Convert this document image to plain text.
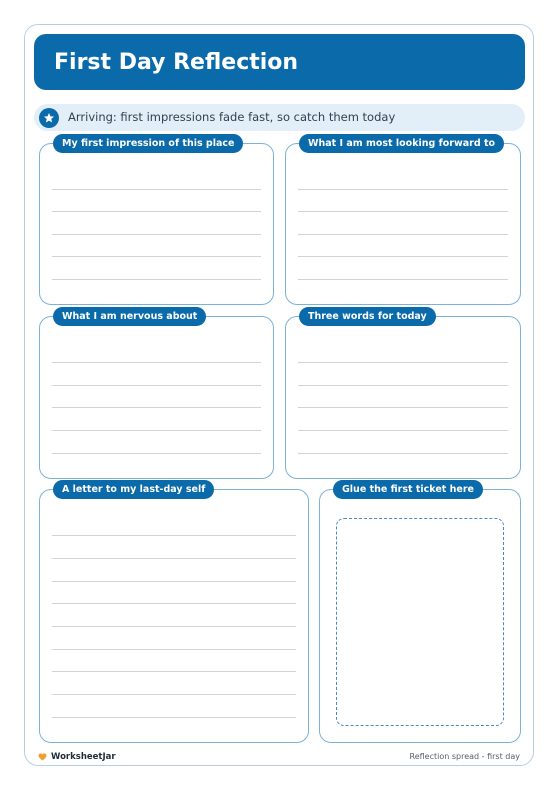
First Day Reflection
Arriving: first impressions fade fast, so catch them today
My first impression of this place	What I am most looking forward to
What I am nervous about	Three words for today
A letter to my last-day self	Glue the first ticket here
WorksheetJar	Reflection spread - first day
